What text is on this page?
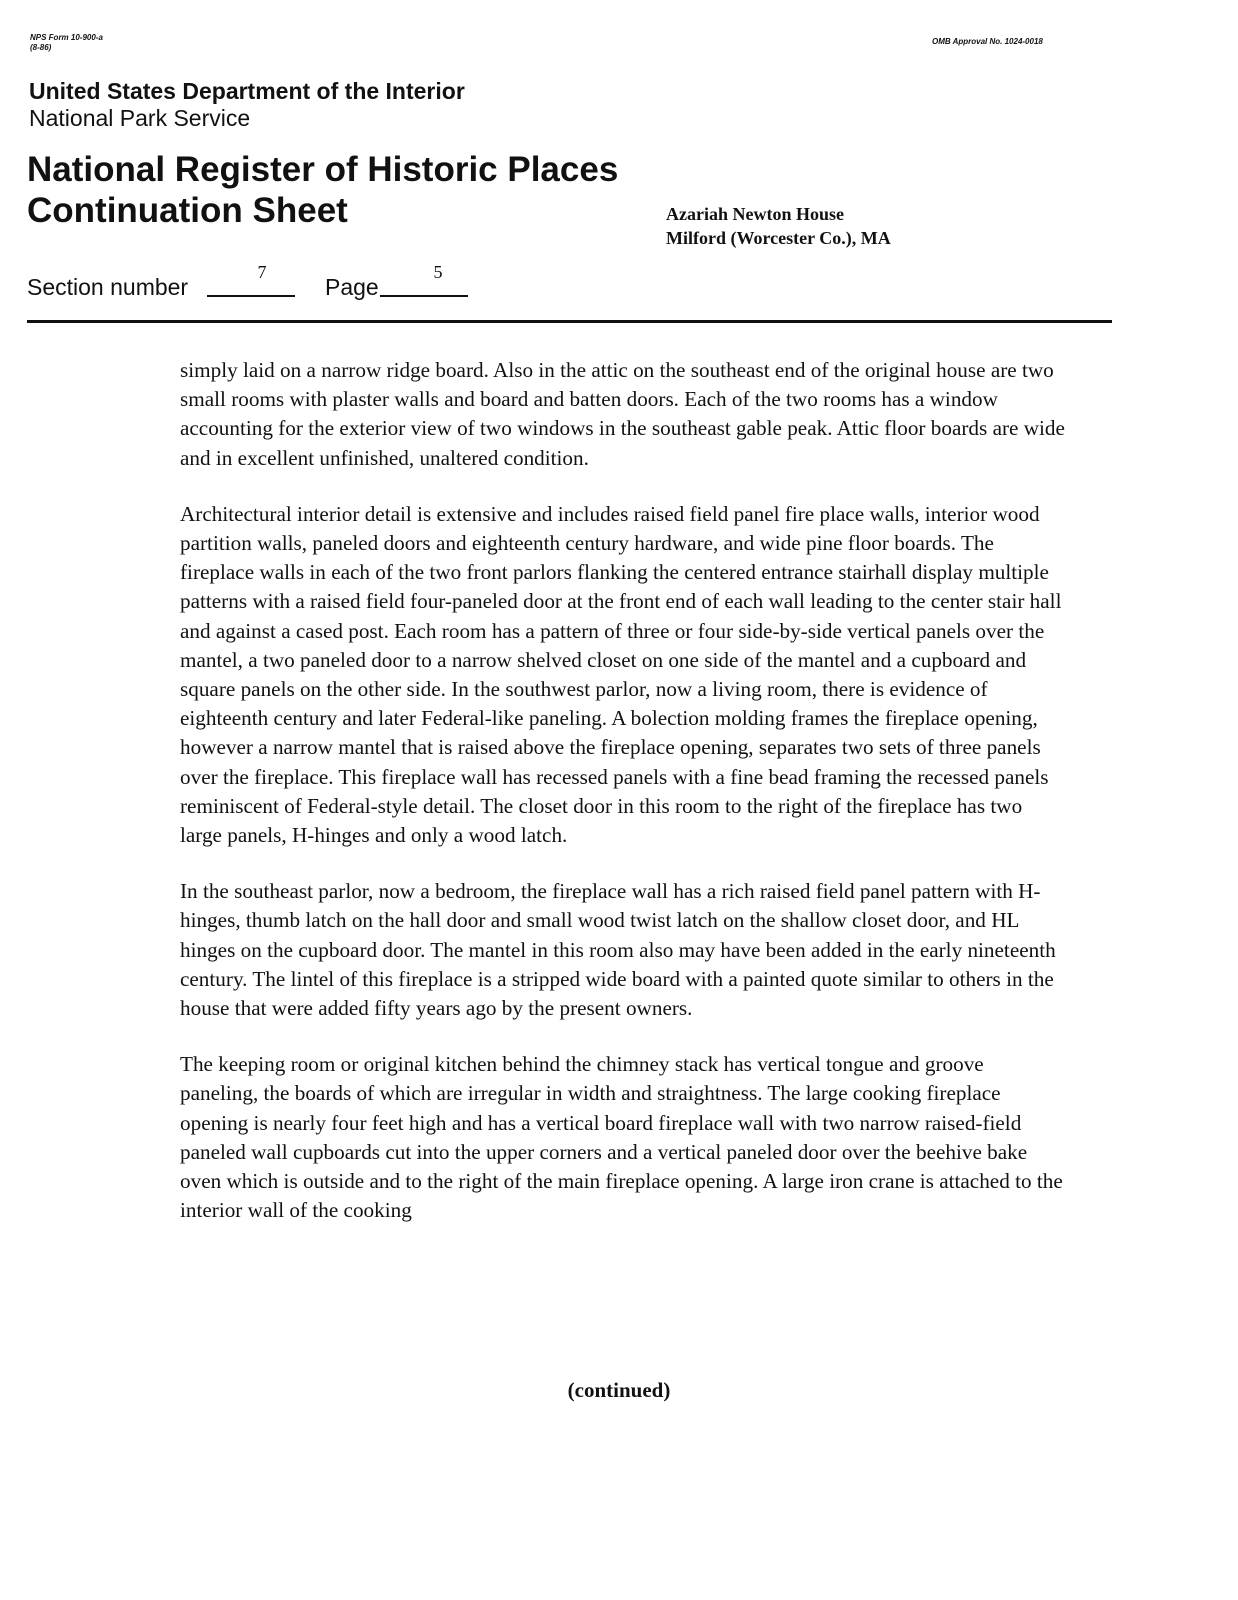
NPS Form 10-900-a
(8-86)
OMB Approval No. 1024-0018
United States Department of the Interior
National Park Service
National Register of Historic Places
Continuation Sheet	Azariah Newton House
Milford (Worcester Co.), MA
Section number
7
Page
5

simply laid on a narrow ridge board. Also in the attic on the southeast end of the original house are two small rooms with plaster walls and board and batten doors. Each of the two rooms has a window accounting for the exterior view of two windows in the southeast gable peak. Attic floor boards are wide and in excellent unfinished, unaltered condition.

Architectural interior detail is extensive and includes raised field panel fire place walls, interior wood partition walls, paneled doors and eighteenth century hardware, and wide pine floor boards. The fireplace walls in each of the two front parlors flanking the centered entrance stairhall display multiple patterns with a raised field four-paneled door at the front end of each wall leading to the center stair hall and against a cased post. Each room has a pattern of three or four side-by-side vertical panels over the mantel, a two paneled door to a narrow shelved closet on one side of the mantel and a cupboard and square panels on the other side. In the southwest parlor, now a living room, there is evidence of eighteenth century and later Federal-like paneling. A bolection molding frames the fireplace opening, however a narrow mantel that is raised above the fireplace opening, separates two sets of three panels over the fireplace. This fireplace wall has recessed panels with a fine bead framing the recessed panels reminiscent of Federal-style detail. The closet door in this room to the right of the fireplace has two large panels, H-hinges and only a wood latch.

In the southeast parlor, now a bedroom, the fireplace wall has a rich raised field panel pattern with H-hinges, thumb latch on the hall door and small wood twist latch on the shallow closet door, and HL hinges on the cupboard door. The mantel in this room also may have been added in the early nineteenth century. The lintel of this fireplace is a stripped wide board with a painted quote similar to others in the house that were added fifty years ago by the present owners.

The keeping room or original kitchen behind the chimney stack has vertical tongue and groove paneling, the boards of which are irregular in width and straightness. The large cooking fireplace opening is nearly four feet high and has a vertical board fireplace wall with two narrow raised-field paneled wall cupboards cut into the upper corners and a vertical paneled door over the beehive bake oven which is outside and to the right of the main fireplace opening. A large iron crane is attached to the interior wall of the cooking

(continued)
